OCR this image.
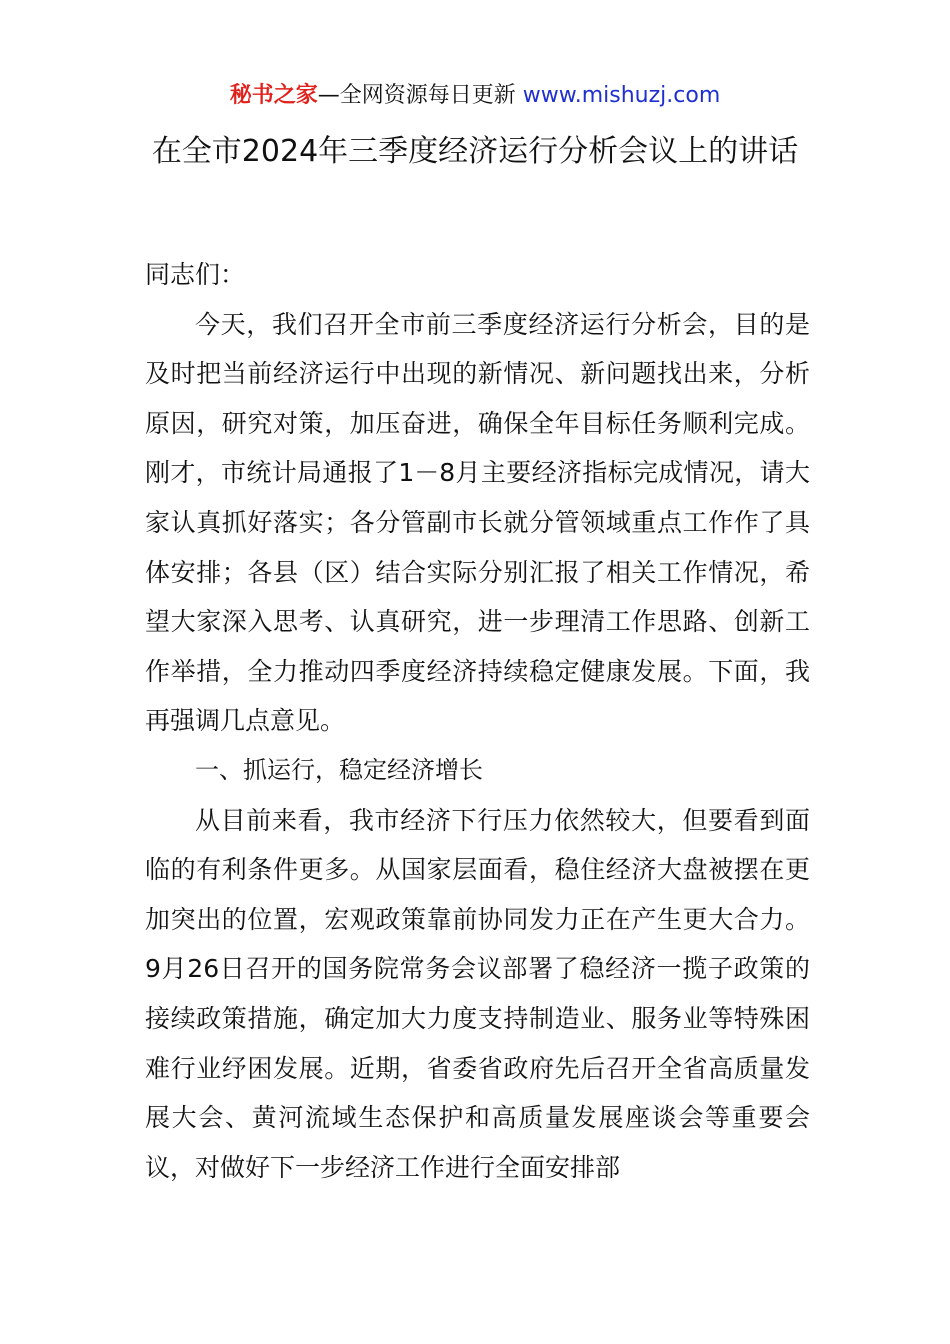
秘书之家—全网资源每日更新 www.mishuzj.com
在全市2024年三季度经济运行分析会议上的讲话

同志们：

今天，我们召开全市前三季度经济运行分析会，目的是及时把当前经济运行中出现的新情况、新问题找出来，分析原因，研究对策，加压奋进，确保全年目标任务顺利完成。刚才，市统计局通报了1－8月主要经济指标完成情况，请大家认真抓好落实；各分管副市长就分管领域重点工作作了具体安排；各县（区）结合实际分别汇报了相关工作情况，希望大家深入思考、认真研究，进一步理清工作思路、创新工作举措，全力推动四季度经济持续稳定健康发展。下面，我再强调几点意见。

一、抓运行，稳定经济增长

从目前来看，我市经济下行压力依然较大，但要看到面临的有利条件更多。从国家层面看，稳住经济大盘被摆在更加突出的位置，宏观政策靠前协同发力正在产生更大合力。9月26日召开的国务院常务会议部署了稳经济一揽子政策的接续政策措施，确定加大力度支持制造业、服务业等特殊困难行业纾困发展。近期，省委省政府先后召开全省高质量发展大会、黄河流域生态保护和高质量发展座谈会等重要会议，对做好下一步经济工作进行全面安排部
